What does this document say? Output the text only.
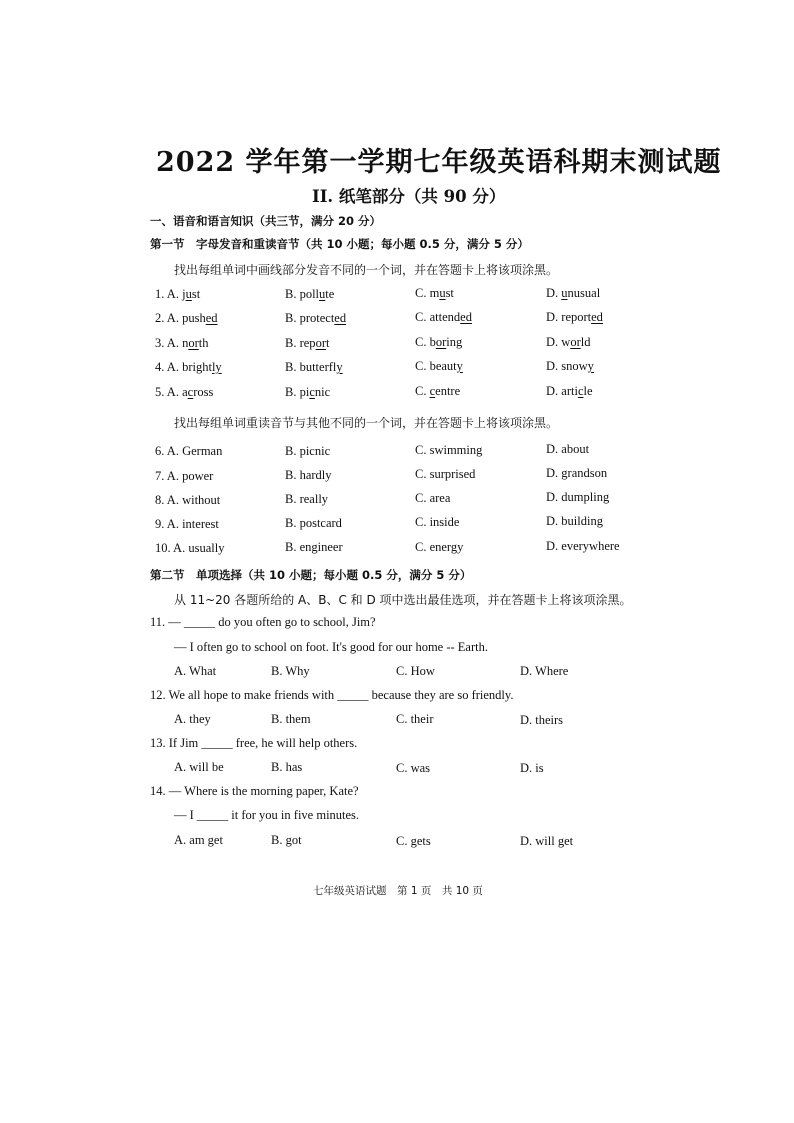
2022 学年第一学期七年级英语科期末测试题
II. 纸笔部分（共 90 分）
一、语音和语言知识（共三节，满分 20 分）
第一节　字母发音和重读音节（共 10 小题；每小题 0.5 分，满分 5 分）
找出每组单词中画线部分发音不同的一个词，并在答题卡上将该项涂黑。
1. A. just	B. pollute	C. must	D. unusual
2. A. pushed	B. protected	C. attended	D. reported
3. A. north	B. report	C. boring	D. world
4. A. brightly	B. butterfly	C. beauty	D. snowy
5. A. across	B. picnic	C. centre	D. article
找出每组单词重读音节与其他不同的一个词，并在答题卡上将该项涂黑。
6. A. German	B. picnic	C. swimming	D. about
7. A. power	B. hardly	C. surprised	D. grandson
8. A. without	B. really	C. area	D. dumpling
9. A. interest	B. postcard	C. inside	D. building
10. A. usually	B. engineer	C. energy	D. everywhere
第二节　单项选择（共 10 小题；每小题 0.5 分，满分 5 分）
从 11~20 各题所给的 A、B、C 和 D 项中选出最佳选项，并在答题卡上将该项涂黑。
11. — _____ do you often go to school, Jim?
— I often go to school on foot. It's good for our home -- Earth.
A. What	B. Why	C. How	D. Where
12. We all hope to make friends with _____ because they are so friendly.
A. they	B. them	C. their	D. theirs
13. If Jim _____ free, he will help others.
A. will be	B. has	C. was	D. is
14. — Where is the morning paper, Kate?
— I _____ it for you in five minutes.
A. am get	B. got	C. gets	D. will get
七年级英语试题　第 1 页　共 10 页
